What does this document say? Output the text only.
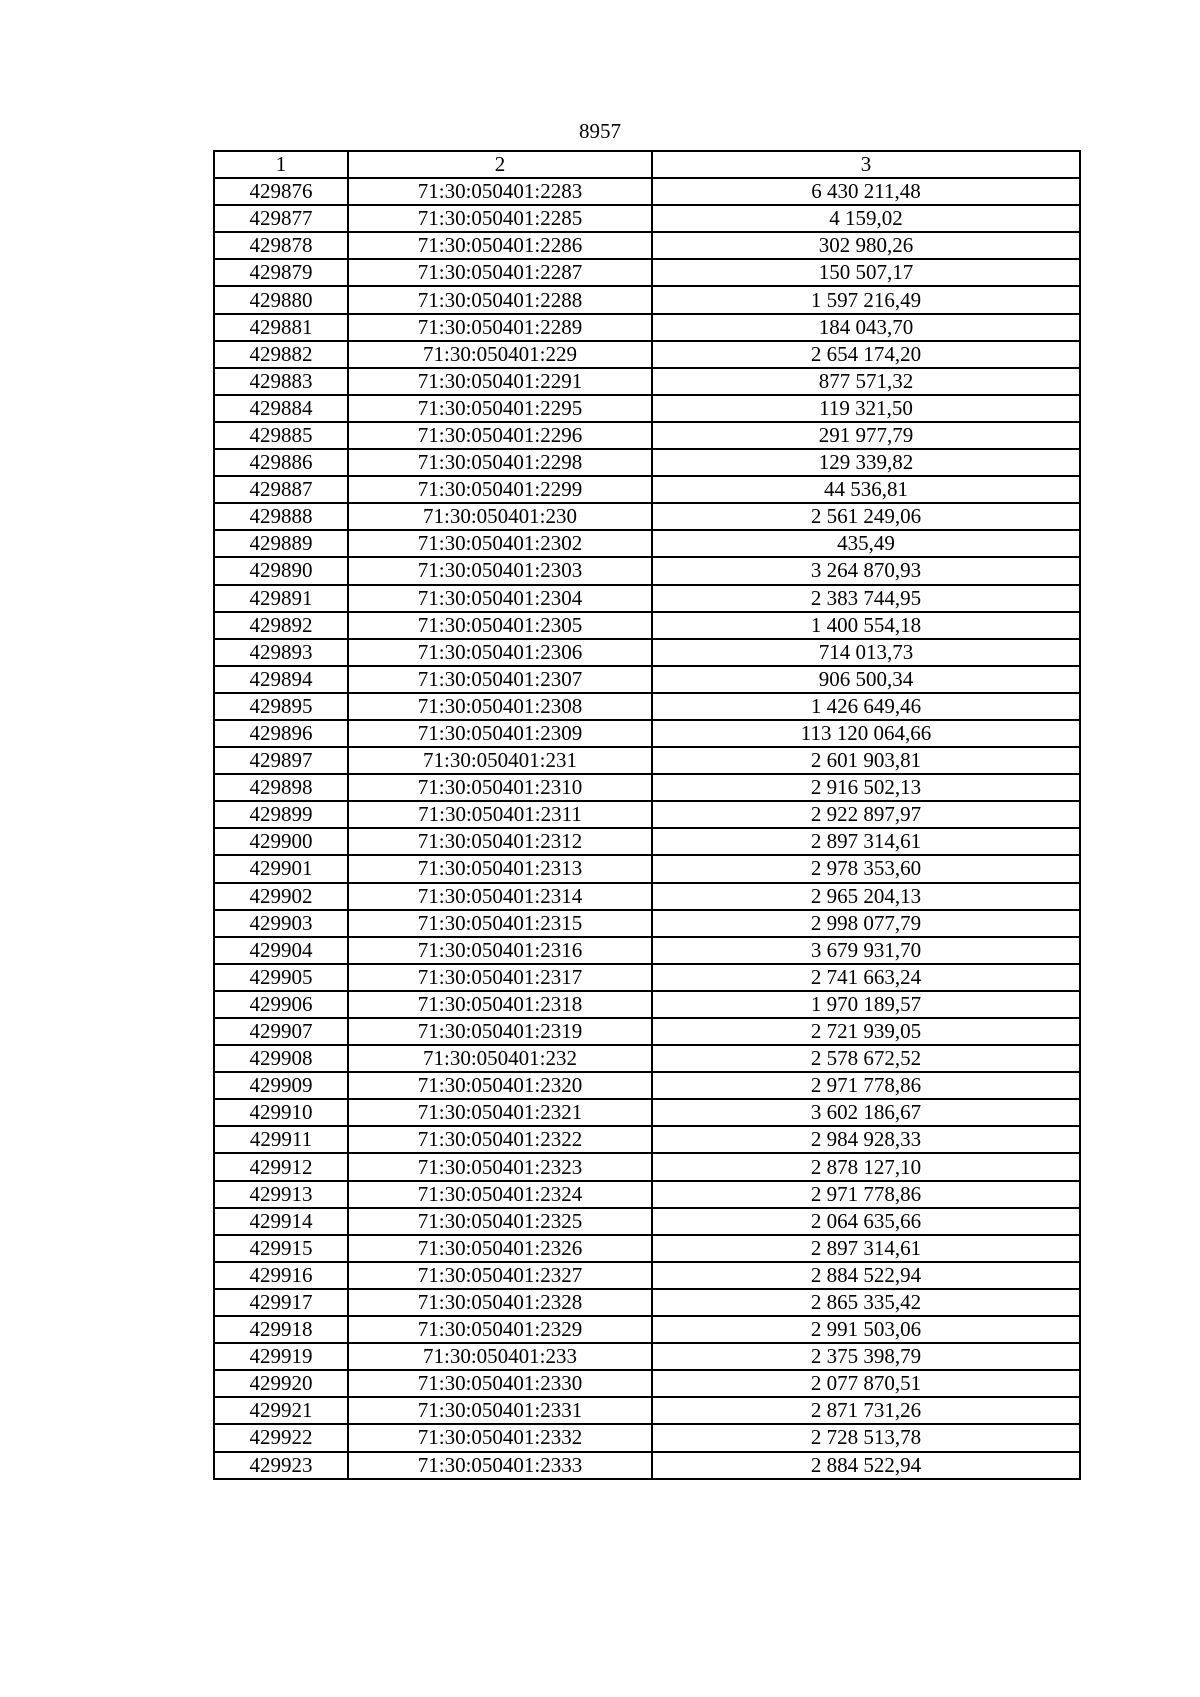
8957
1	2	3
429876	71:30:050401:2283	6 430 211,48
429877	71:30:050401:2285	4 159,02
429878	71:30:050401:2286	302 980,26
429879	71:30:050401:2287	150 507,17
429880	71:30:050401:2288	1 597 216,49
429881	71:30:050401:2289	184 043,70
429882	71:30:050401:229	2 654 174,20
429883	71:30:050401:2291	877 571,32
429884	71:30:050401:2295	119 321,50
429885	71:30:050401:2296	291 977,79
429886	71:30:050401:2298	129 339,82
429887	71:30:050401:2299	44 536,81
429888	71:30:050401:230	2 561 249,06
429889	71:30:050401:2302	435,49
429890	71:30:050401:2303	3 264 870,93
429891	71:30:050401:2304	2 383 744,95
429892	71:30:050401:2305	1 400 554,18
429893	71:30:050401:2306	714 013,73
429894	71:30:050401:2307	906 500,34
429895	71:30:050401:2308	1 426 649,46
429896	71:30:050401:2309	113 120 064,66
429897	71:30:050401:231	2 601 903,81
429898	71:30:050401:2310	2 916 502,13
429899	71:30:050401:2311	2 922 897,97
429900	71:30:050401:2312	2 897 314,61
429901	71:30:050401:2313	2 978 353,60
429902	71:30:050401:2314	2 965 204,13
429903	71:30:050401:2315	2 998 077,79
429904	71:30:050401:2316	3 679 931,70
429905	71:30:050401:2317	2 741 663,24
429906	71:30:050401:2318	1 970 189,57
429907	71:30:050401:2319	2 721 939,05
429908	71:30:050401:232	2 578 672,52
429909	71:30:050401:2320	2 971 778,86
429910	71:30:050401:2321	3 602 186,67
429911	71:30:050401:2322	2 984 928,33
429912	71:30:050401:2323	2 878 127,10
429913	71:30:050401:2324	2 971 778,86
429914	71:30:050401:2325	2 064 635,66
429915	71:30:050401:2326	2 897 314,61
429916	71:30:050401:2327	2 884 522,94
429917	71:30:050401:2328	2 865 335,42
429918	71:30:050401:2329	2 991 503,06
429919	71:30:050401:233	2 375 398,79
429920	71:30:050401:2330	2 077 870,51
429921	71:30:050401:2331	2 871 731,26
429922	71:30:050401:2332	2 728 513,78
429923	71:30:050401:2333	2 884 522,94
